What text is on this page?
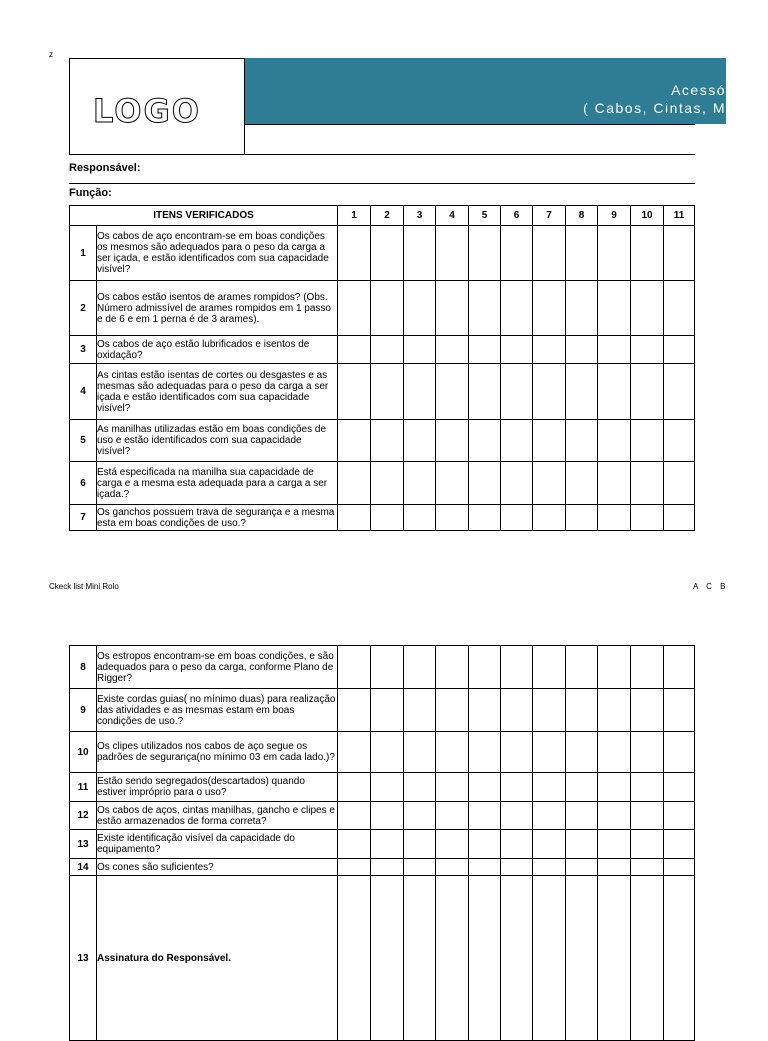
z
LOGO
Acessó
( Cabos, Cintas, M
Responsável:
Função:
ITENS VERIFICADOS		1	2	3	4	5	6	7	8	9	10	11
1	Os cabos de aço encontram-se em boas condições os mesmos são adequados para o peso da carga a ser içada, e estão identificados com sua capacidade visível?											
2	Os cabos estão isentos de arames rompidos? (Obs. Número admissível de arames rompidos em 1 passo e de 6 e em 1 perna é de 3 arames).											
3	Os cabos de aço estão lubrificados e isentos de oxidação?											
4	As cintas estão isentas de cortes ou desgastes e as mesmas são adequadas para o peso da carga a ser içada e estão identificados com sua capacidade visível?											
5	As manilhas utilizadas estão em boas condições de uso e estão identificados com sua capacidade visível?											
6	Está especificada na manilha sua capacidade de carga e a mesma esta adequada para a carga a ser içada.?											
7	Os ganchos possuem trava de segurança e a mesma esta em boas condições de uso.?											
Ckeck list Mini Rolo	A C B
8	Os estropos encontram-se em boas condições, e são adequados para o peso da carga, conforme Plano de Rigger?											
9	Existe cordas guias( no mínimo duas) para realização das atividades e as mesmas estam em boas condições de uso.?											
10	Os clipes utilizados nos cabos de aço segue os padrões de segurança(no mínimo 03 em cada lado.)?											
11	Estão sendo segregados(descartados) quando estiver impróprio para o uso?											
12	Os cabos de aços, cintas manilhas, gancho e clipes e estão armazenados de forma correta?											
13	Existe identificação visível da capacidade do equipamento?											
14	Os cones são suficientes?											
13	Assinatura do Responsável.											
